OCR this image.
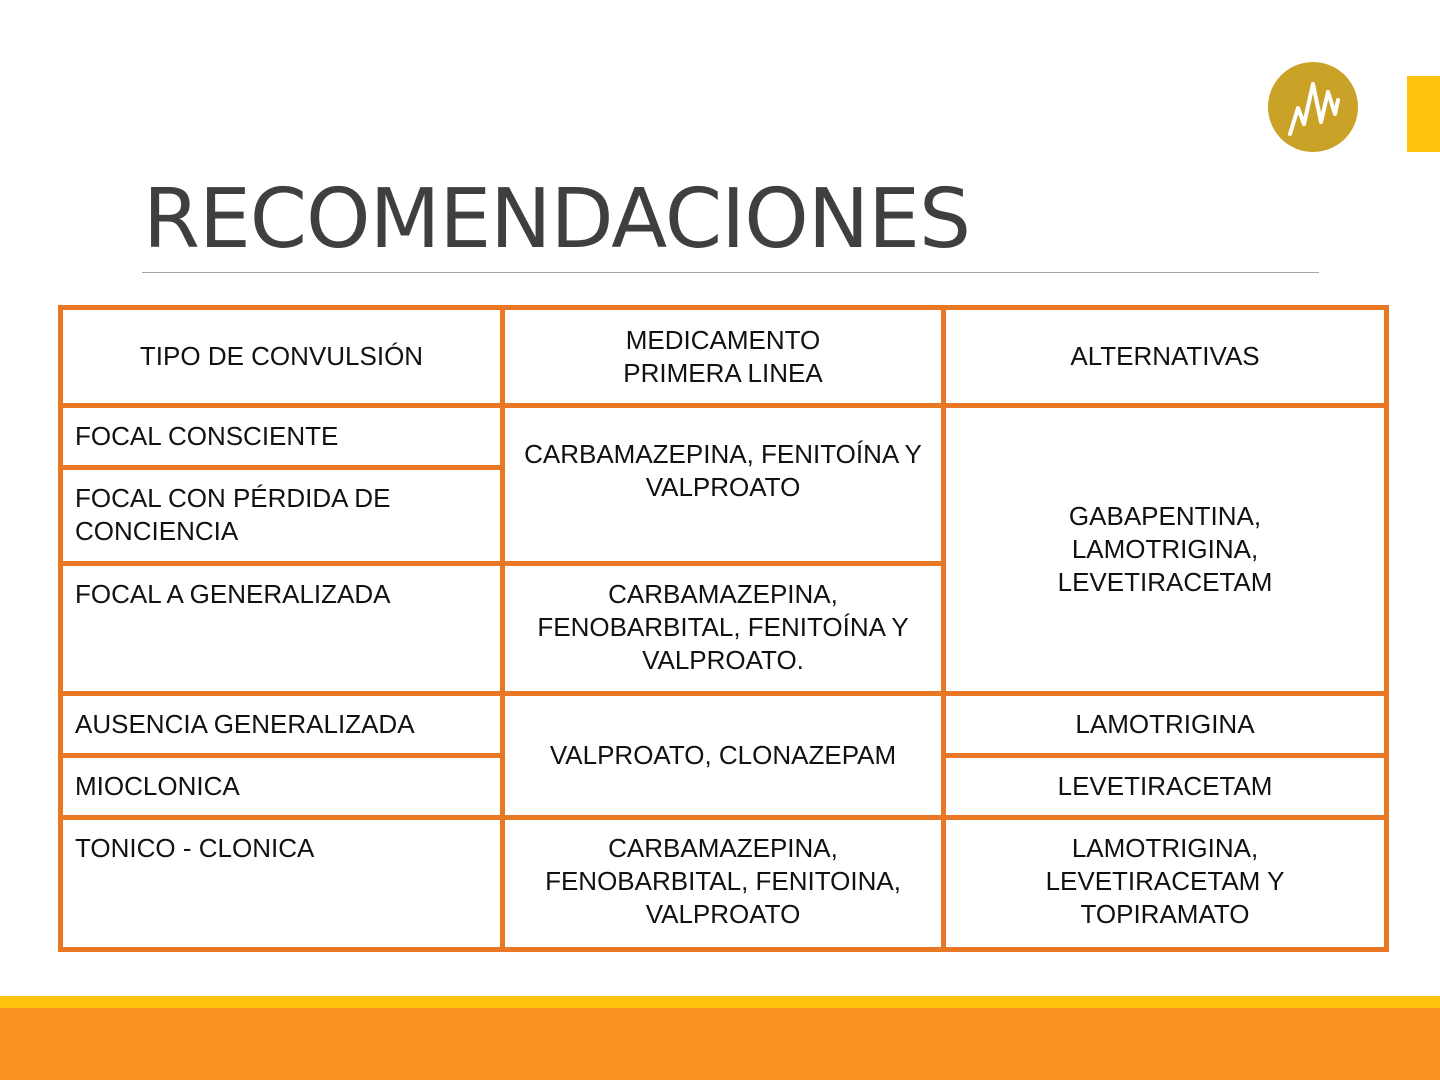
RECOMENDACIONES
TIPO DE CONVULSIÓN	MEDICAMENTO PRIMERA LINEA	ALTERNATIVAS
FOCAL CONSCIENTE	CARBAMAZEPINA, FENITOÍNA Y VALPROATO	GABAPENTINA, LAMOTRIGINA, LEVETIRACETAM
FOCAL CON PÉRDIDA DE CONCIENCIA		
FOCAL A GENERALIZADA	CARBAMAZEPINA, FENOBARBITAL, FENITOÍNA Y VALPROATO.	
AUSENCIA GENERALIZADA	VALPROATO, CLONAZEPAM	LAMOTRIGINA
MIOCLONICA		LEVETIRACETAM
TONICO - CLONICA	CARBAMAZEPINA, FENOBARBITAL, FENITOINA, VALPROATO	LAMOTRIGINA, LEVETIRACETAM Y TOPIRAMATO
